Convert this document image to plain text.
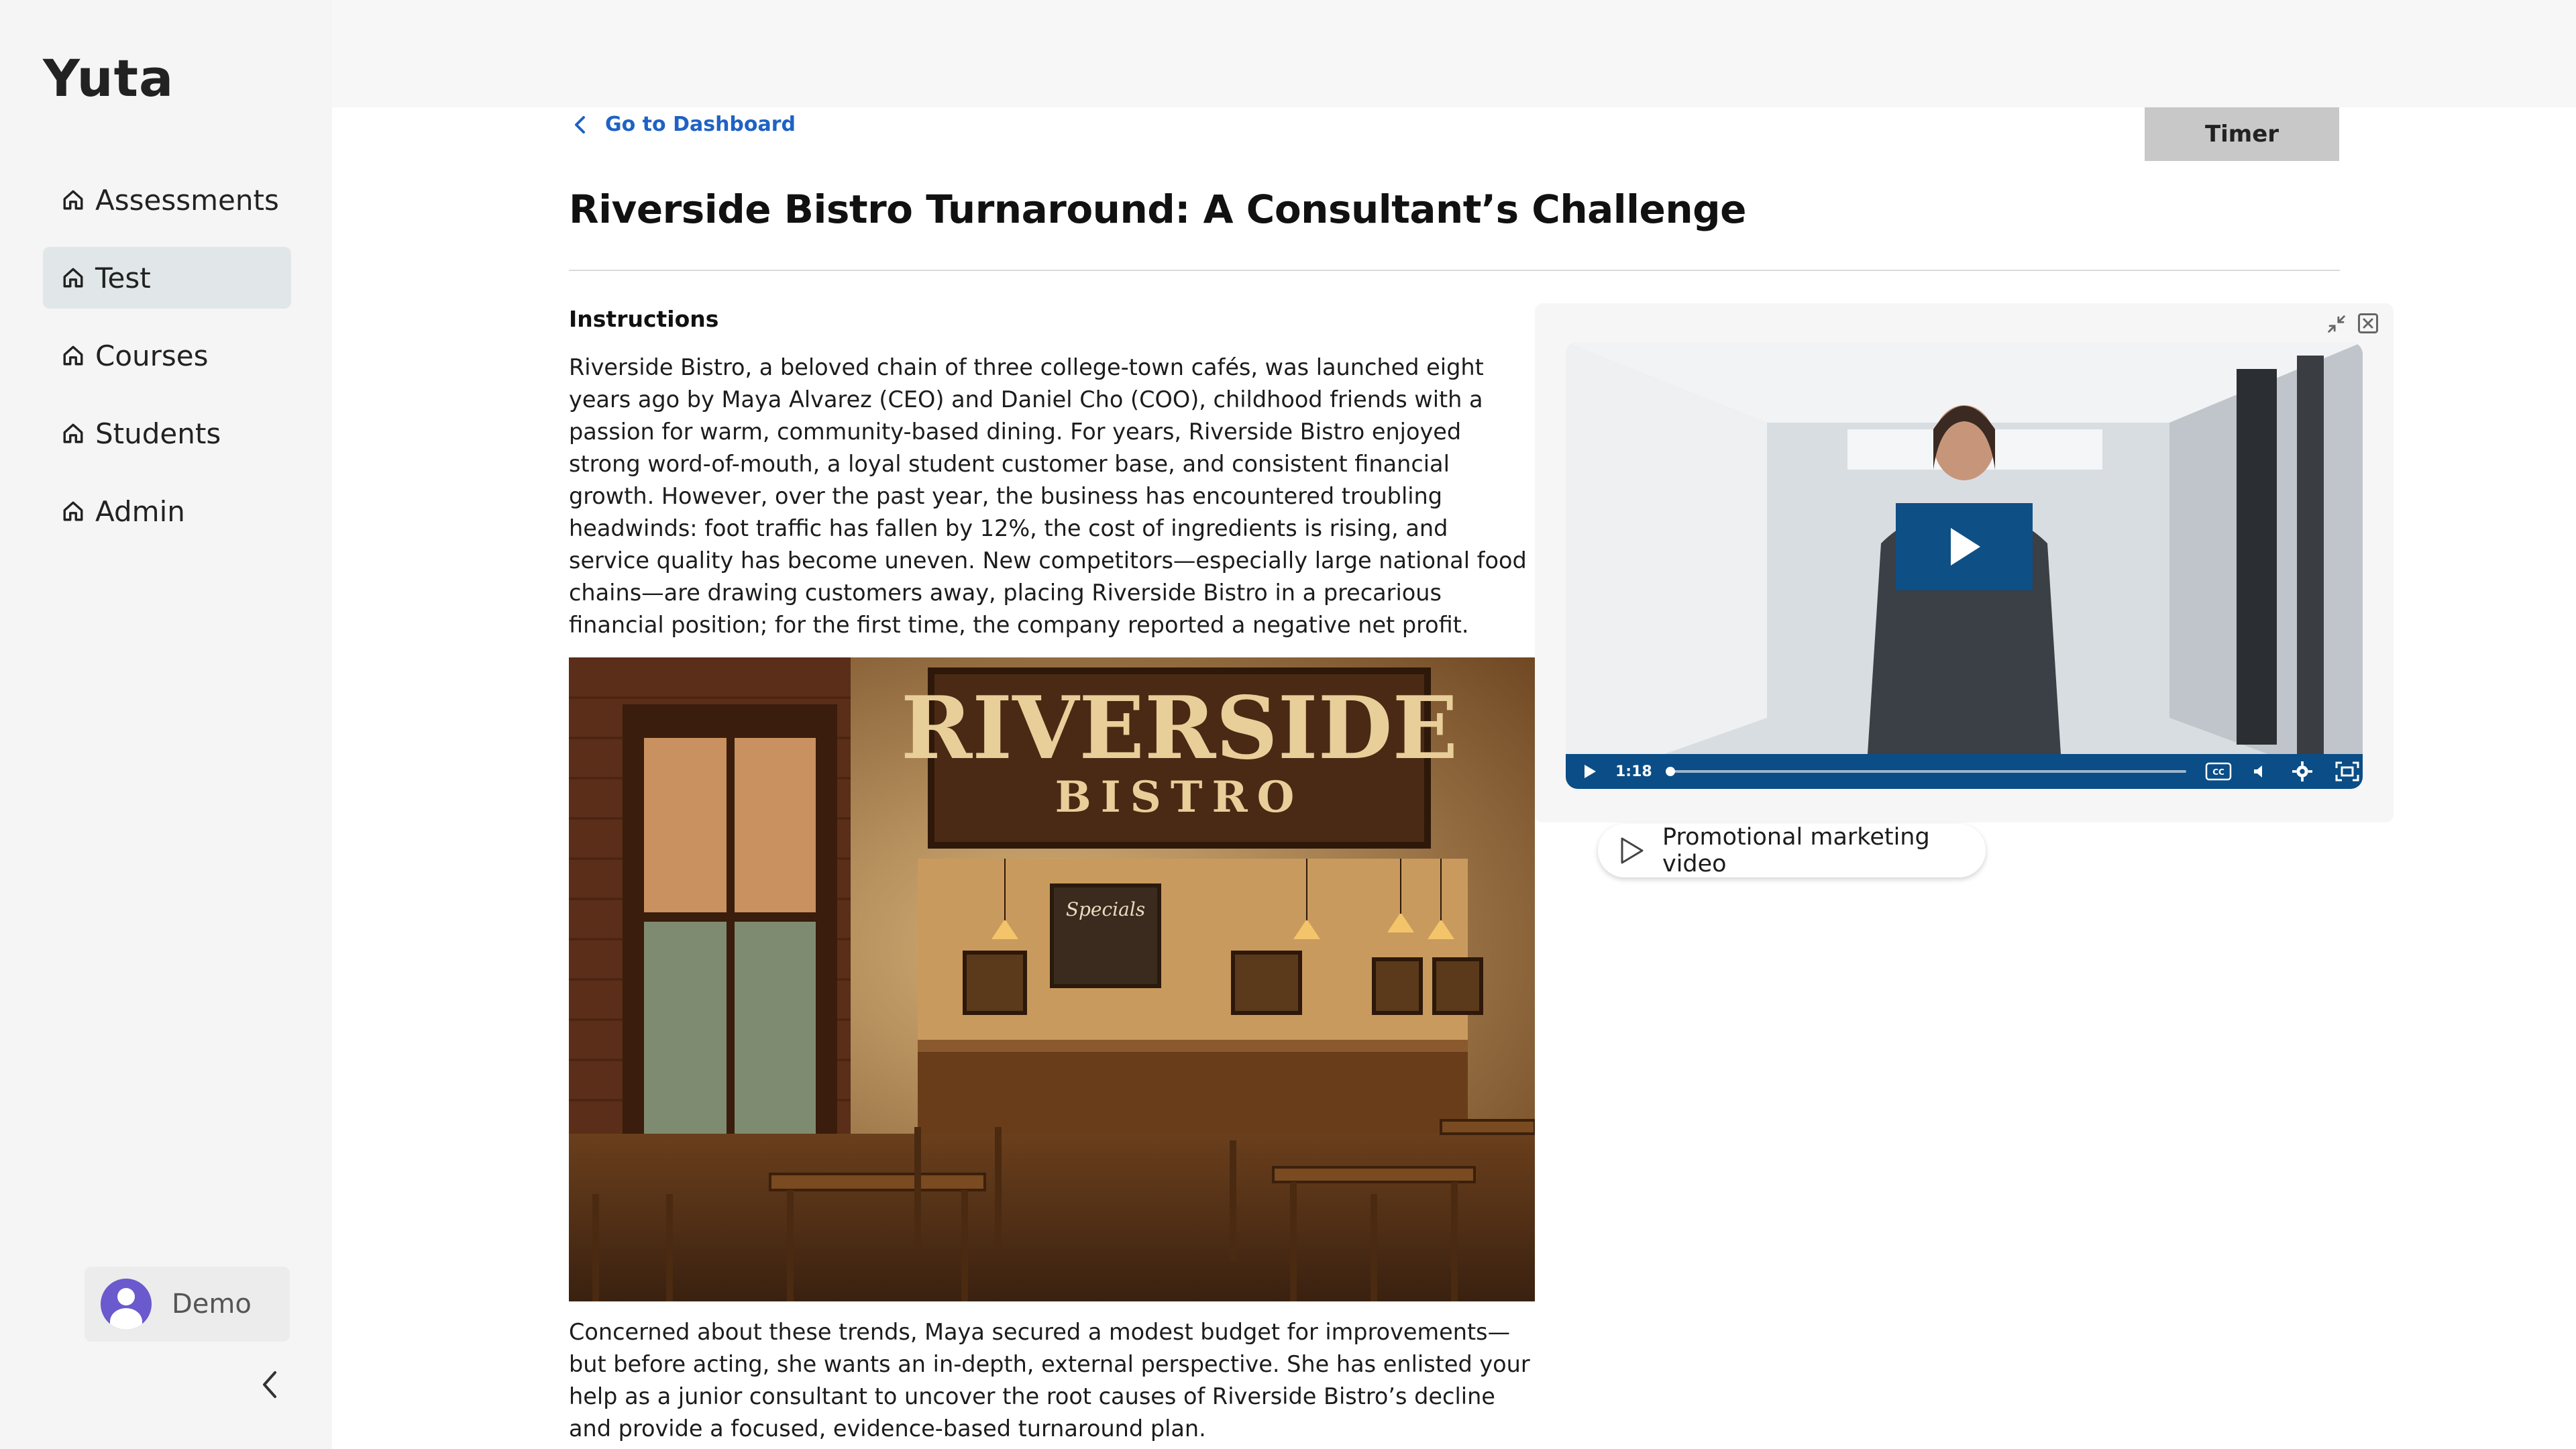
Yuta
Assessments
Test
Courses
Students
Admin
Demo
Go to Dashboard	Timer
Riverside Bistro Turnaround: A Consultant’s Challenge
Instructions
Riverside Bistro, a beloved chain of three college-town cafés, was launched eight years ago by Maya Alvarez (CEO) and Daniel Cho (COO), childhood friends with a passion for warm, community-based dining. For years, Riverside Bistro enjoyed strong word-of-mouth, a loyal student customer base, and consistent financial growth. However, over the past year, the business has encountered troubling headwinds: foot traffic has fallen by 12%, the cost of ingredients is rising, and service quality has become uneven. New competitors—especially large national food chains—are drawing customers away, placing Riverside Bistro in a precarious financial position; for the first time, the company reported a negative net profit.
RIVERSIDE
BISTRO
Specials
Concerned about these trends, Maya secured a modest budget for improvements—but before acting, she wants an in-depth, external perspective. She has enlisted your help as a junior consultant to uncover the root causes of Riverside Bistro’s decline and provide a focused, evidence-based turnaround plan.
1:18	CC
Promotional marketing video
